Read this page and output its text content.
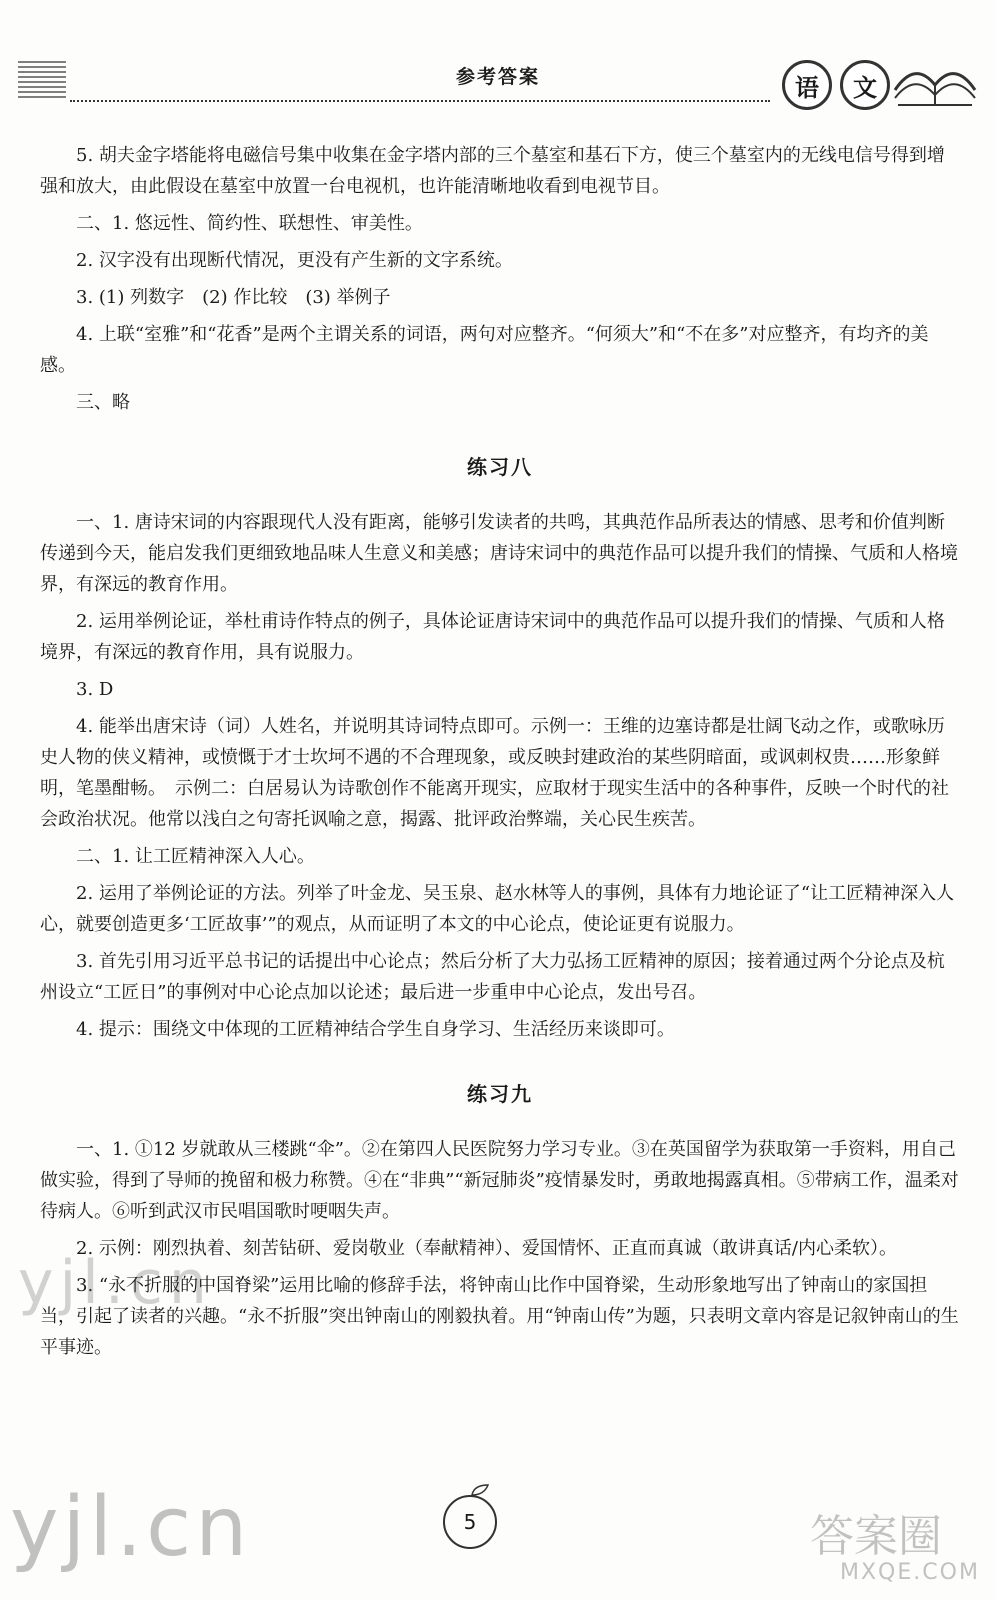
参考答案	语	文

5. 胡夫金字塔能将电磁信号集中收集在金字塔内部的三个墓室和基石下方，使三个墓室内的无线电信号得到增强和放大，由此假设在墓室中放置一台电视机，也许能清晰地收看到电视节目。

二、1. 悠远性、简约性、联想性、审美性。

2. 汉字没有出现断代情况，更没有产生新的文字系统。

3. (1) 列数字　(2) 作比较　(3) 举例子

4. 上联“室雅”和“花香”是两个主谓关系的词语，两句对应整齐。“何须大”和“不在多”对应整齐，有均齐的美感。

三、略

练习八

一、1. 唐诗宋词的内容跟现代人没有距离，能够引发读者的共鸣，其典范作品所表达的情感、思考和价值判断传递到今天，能启发我们更细致地品味人生意义和美感；唐诗宋词中的典范作品可以提升我们的情操、气质和人格境界，有深远的教育作用。

2. 运用举例论证，举杜甫诗作特点的例子，具体论证唐诗宋词中的典范作品可以提升我们的情操、气质和人格境界，有深远的教育作用，具有说服力。

3. D

4. 能举出唐宋诗（词）人姓名，并说明其诗词特点即可。示例一：王维的边塞诗都是壮阔飞动之作，或歌咏历史人物的侠义精神，或愤慨于才士坎坷不遇的不合理现象，或反映封建政治的某些阴暗面，或讽刺权贵……形象鲜明，笔墨酣畅。　示例二：白居易认为诗歌创作不能离开现实，应取材于现实生活中的各种事件，反映一个时代的社会政治状况。他常以浅白之句寄托讽喻之意，揭露、批评政治弊端，关心民生疾苦。

二、1. 让工匠精神深入人心。

2. 运用了举例论证的方法。列举了叶金龙、吴玉泉、赵水林等人的事例，具体有力地论证了“让工匠精神深入人心，就要创造更多‘工匠故事’”的观点，从而证明了本文的中心论点，使论证更有说服力。

3. 首先引用习近平总书记的话提出中心论点；然后分析了大力弘扬工匠精神的原因；接着通过两个分论点及杭州设立“工匠日”的事例对中心论点加以论述；最后进一步重申中心论点，发出号召。

4. 提示：围绕文中体现的工匠精神结合学生自身学习、生活经历来谈即可。

练习九

一、1. ①12 岁就敢从三楼跳“伞”。②在第四人民医院努力学习专业。③在英国留学为获取第一手资料，用自己做实验，得到了导师的挽留和极力称赞。④在“非典”“新冠肺炎”疫情暴发时，勇敢地揭露真相。⑤带病工作，温柔对待病人。⑥听到武汉市民唱国歌时哽咽失声。

2. 示例：刚烈执着、刻苦钻研、爱岗敬业（奉献精神）、爱国情怀、正直而真诚（敢讲真话/内心柔软）。

3. “永不折服的中国脊梁”运用比喻的修辞手法，将钟南山比作中国脊梁，生动形象地写出了钟南山的家国担当，引起了读者的兴趣。“永不折服”突出钟南山的刚毅执着。用“钟南山传”为题，只表明文章内容是记叙钟南山的生平事迹。

yjl.cn
5
yjl.cn	答案圈
MXQE.COM
